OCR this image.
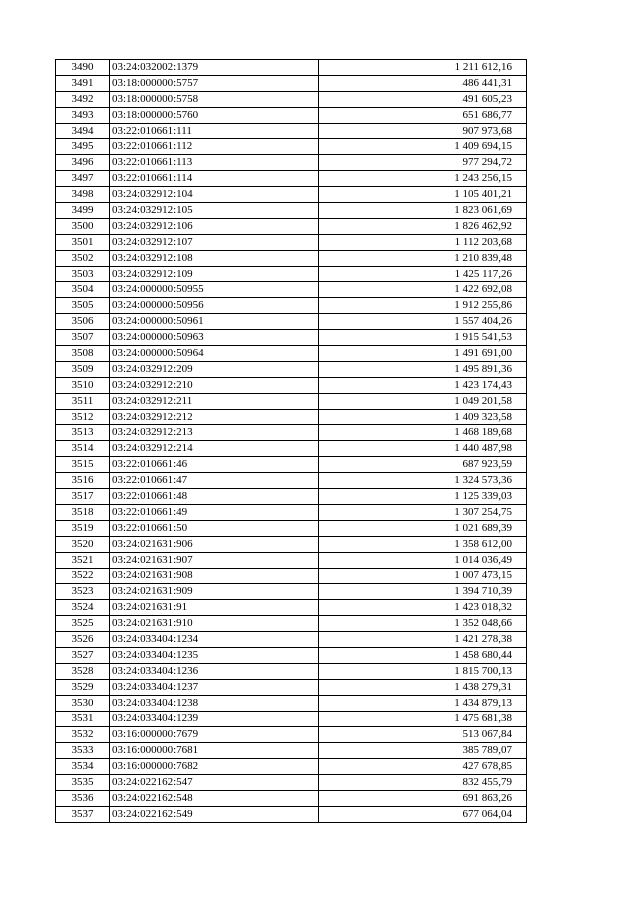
3490	03:24:032002:1379	1 211 612,16
3491	03:18:000000:5757	486 441,31
3492	03:18:000000:5758	491 605,23
3493	03:18:000000:5760	651 686,77
3494	03:22:010661:111	907 973,68
3495	03:22:010661:112	1 409 694,15
3496	03:22:010661:113	977 294,72
3497	03:22:010661:114	1 243 256,15
3498	03:24:032912:104	1 105 401,21
3499	03:24:032912:105	1 823 061,69
3500	03:24:032912:106	1 826 462,92
3501	03:24:032912:107	1 112 203,68
3502	03:24:032912:108	1 210 839,48
3503	03:24:032912:109	1 425 117,26
3504	03:24:000000:50955	1 422 692,08
3505	03:24:000000:50956	1 912 255,86
3506	03:24:000000:50961	1 557 404,26
3507	03:24:000000:50963	1 915 541,53
3508	03:24:000000:50964	1 491 691,00
3509	03:24:032912:209	1 495 891,36
3510	03:24:032912:210	1 423 174,43
3511	03:24:032912:211	1 049 201,58
3512	03:24:032912:212	1 409 323,58
3513	03:24:032912:213	1 468 189,68
3514	03:24:032912:214	1 440 487,98
3515	03:22:010661:46	687 923,59
3516	03:22:010661:47	1 324 573,36
3517	03:22:010661:48	1 125 339,03
3518	03:22:010661:49	1 307 254,75
3519	03:22:010661:50	1 021 689,39
3520	03:24:021631:906	1 358 612,00
3521	03:24:021631:907	1 014 036,49
3522	03:24:021631:908	1 007 473,15
3523	03:24:021631:909	1 394 710,39
3524	03:24:021631:91	1 423 018,32
3525	03:24:021631:910	1 352 048,66
3526	03:24:033404:1234	1 421 278,38
3527	03:24:033404:1235	1 458 680,44
3528	03:24:033404:1236	1 815 700,13
3529	03:24:033404:1237	1 438 279,31
3530	03:24:033404:1238	1 434 879,13
3531	03:24:033404:1239	1 475 681,38
3532	03:16:000000:7679	513 067,84
3533	03:16:000000:7681	385 789,07
3534	03:16:000000:7682	427 678,85
3535	03:24:022162:547	832 455,79
3536	03:24:022162:548	691 863,26
3537	03:24:022162:549	677 064,04
